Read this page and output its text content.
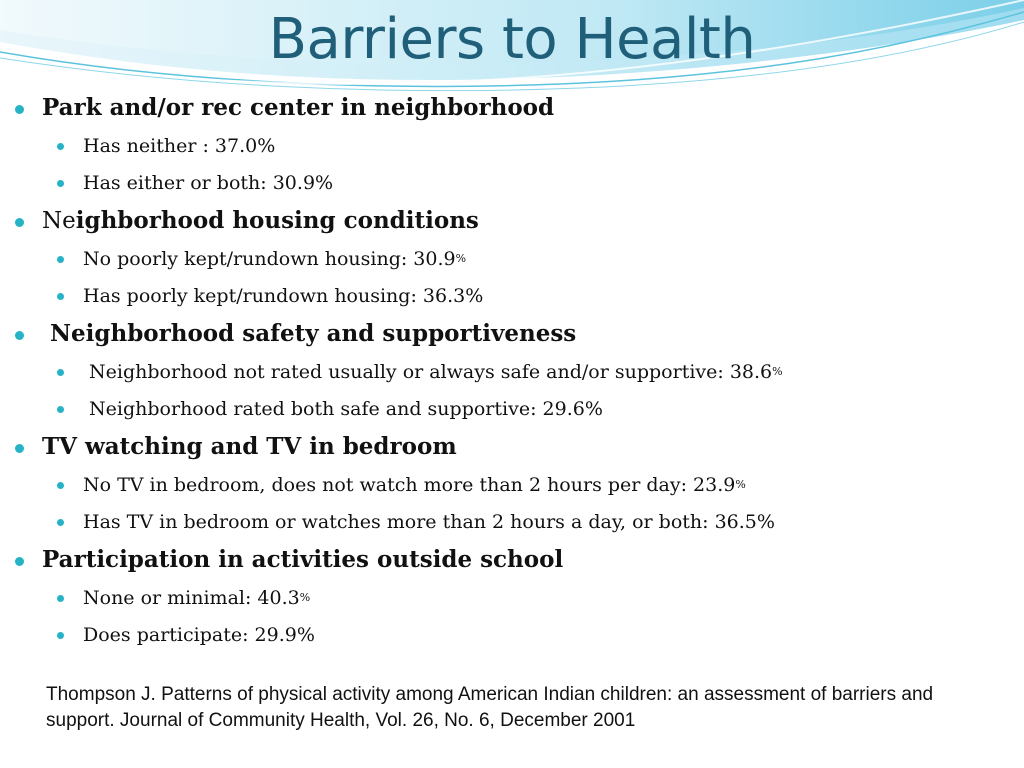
Barriers to Health
Park and/or rec center in neighborhood
Has neither : 37.0%
Has either or both: 30.9%
Ne ighborhood housing conditions
No poorly kept/rundown housing: 30.9 %
Has poorly kept/rundown housing: 36.3%
Neighborhood safety and supportiveness
Neighborhood not rated usually or always safe and/or supportive: 38.6 %
Neighborhood rated both safe and supportive: 29.6%
TV watching and TV in bedroom
No TV in bedroom, does not watch more than 2 hours per day: 23.9 %
Has TV in bedroom or watches more than 2 hours a day, or both: 36.5%
Participation in activities outside school
None or minimal: 40.3 %
Does participate: 29.9%
Thompson J. Patterns of physical activity among American Indian children: an assessment of barriers and support. Journal of Community Health, Vol. 26, No. 6, December 2001
